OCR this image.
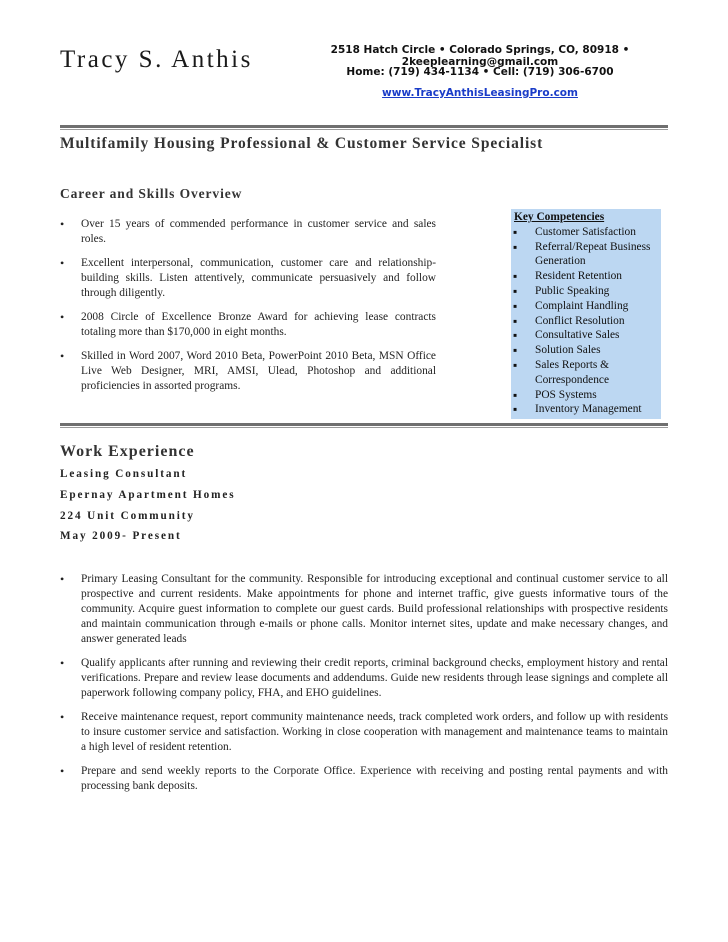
Tracy S. Anthis	2518 Hatch Circle • Colorado Springs, CO, 80918 • 2keeplearning@gmail.com
Home: (719) 434-1134 • Cell: (719) 306-6700
www.TracyAnthisLeasingPro.com
Multifamily Housing Professional & Customer Service Specialist
Career and Skills Overview
• Over 15 years of commended performance in customer service and sales roles.
• Excellent interpersonal, communication, customer care and relationship-building skills. Listen attentively, communicate persuasively and follow through diligently.
• 2008 Circle of Excellence Bronze Award for achieving lease contracts totaling more than $170,000 in eight months.
• Skilled in Word 2007, Word 2010 Beta, PowerPoint 2010 Beta, MSN Office Live Web Designer, MRI, AMSI, Ulead, Photoshop and additional proficiencies in assorted programs.
Key Competencies
▪ Customer Satisfaction
▪ Referral/Repeat Business Generation
▪ Resident Retention
▪ Public Speaking
▪ Complaint Handling
▪ Conflict Resolution
▪ Consultative Sales
▪ Solution Sales
▪ Sales Reports & Correspondence
▪ POS Systems
▪ Inventory Management
Work Experience
Leasing Consultant
Epernay Apartment Homes
224 Unit Community
May 2009- Present
• Primary Leasing Consultant for the community. Responsible for introducing exceptional and continual customer service to all prospective and current residents. Make appointments for phone and internet traffic, give guests informative tours of the community. Acquire guest information to complete our guest cards. Build professional relationships with prospective residents and maintain communication through e-mails or phone calls. Monitor internet sites, update and make necessary changes, and answer generated leads
• Qualify applicants after running and reviewing their credit reports, criminal background checks, employment history and rental verifications. Prepare and review lease documents and addendums. Guide new residents through lease signings and complete all paperwork following company policy, FHA, and EHO guidelines.
• Receive maintenance request, report community maintenance needs, track completed work orders, and follow up with residents to insure customer service and satisfaction. Working in close cooperation with management and maintenance teams to maintain a high level of resident retention.
• Prepare and send weekly reports to the Corporate Office. Experience with receiving and posting rental payments and with processing bank deposits.
